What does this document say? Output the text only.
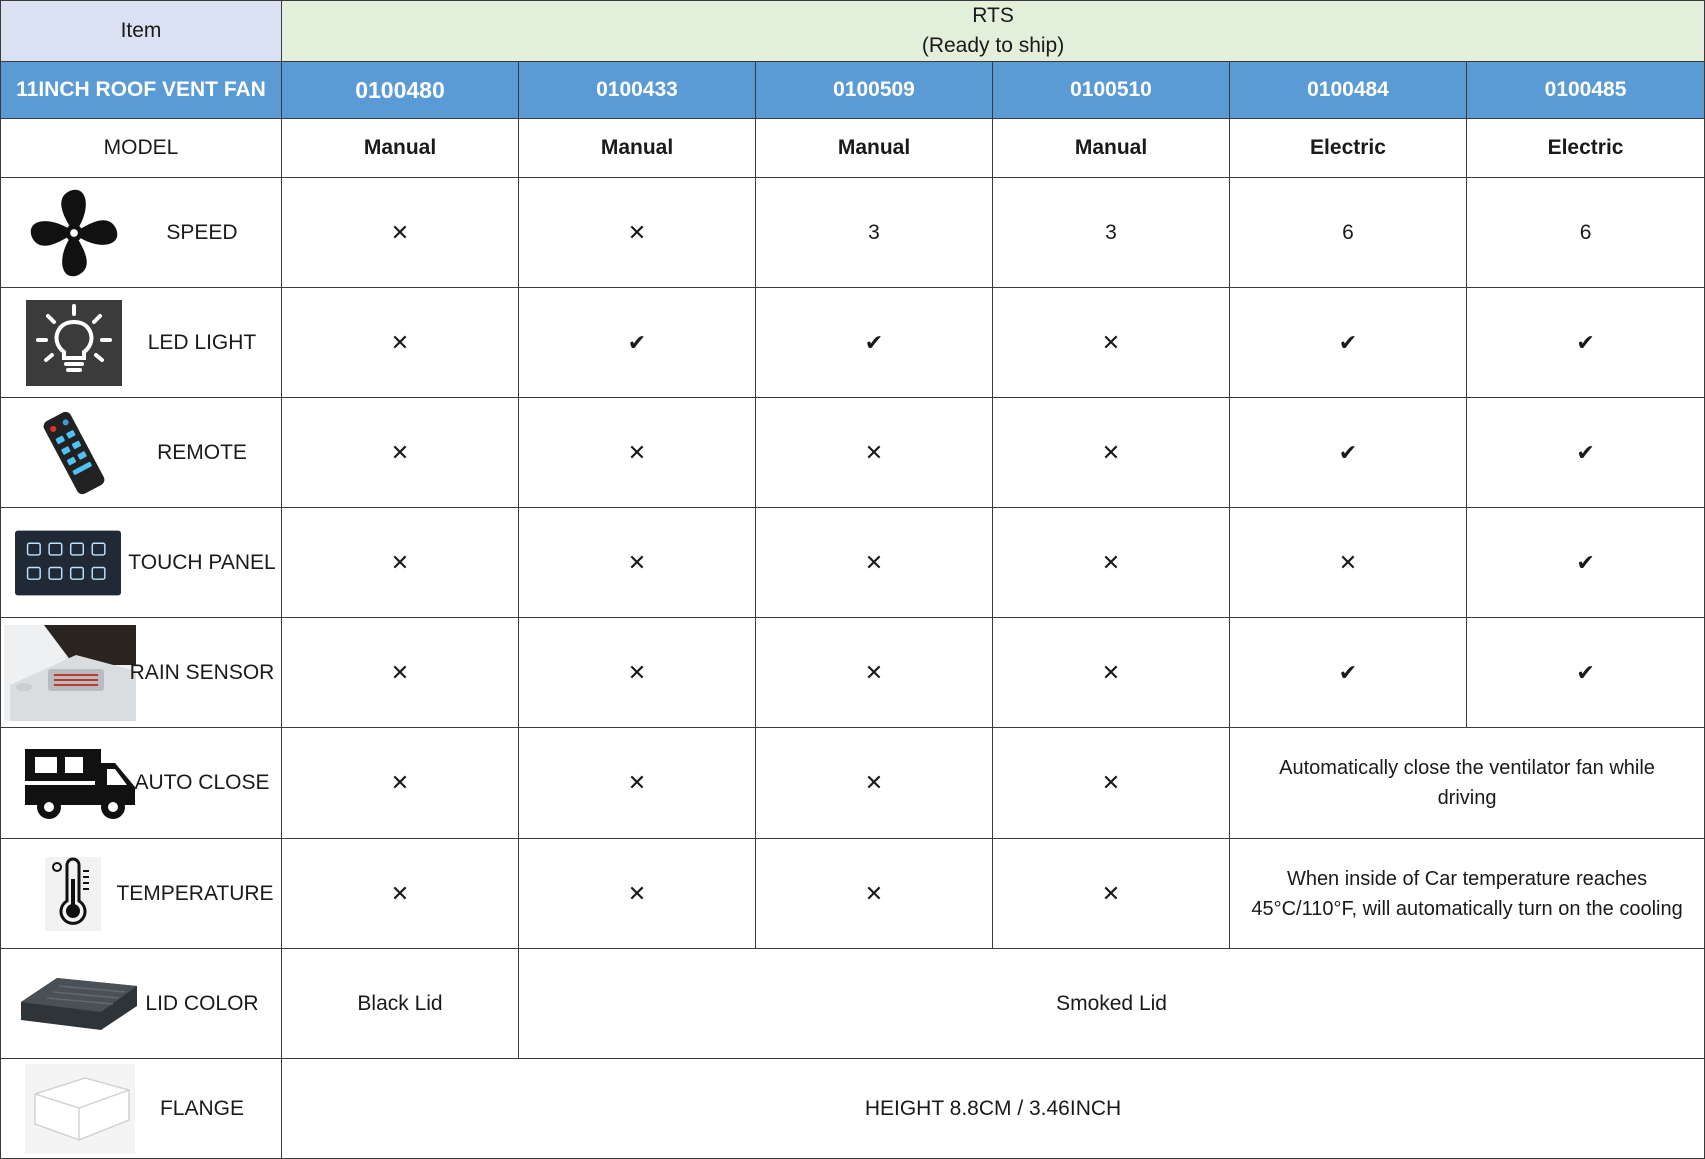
Item	RTS
(Ready to ship)					

11INCH ROOF VENT FAN	0100480	0100433	0100509	0100510	0100484	0100485
MODEL	Manual	Manual	Manual	Manual	Electric	Electric

SPEED	✕	✕	3	3	6	6

LED LIGHT	✕	✔	✔	✕	✔	✔

REMOTE	✕	✕	✕	✕	✔	✔

TOUCH PANEL	✕	✕	✕	✕	✕	✔

RAIN SENSOR	✕	✕	✕	✕	✔	✔

AUTO CLOSE	✕	✕	✕	✕	Automatically close the ventilator fan while driving	

TEMPERATURE	✕	✕	✕	✕	When inside of Car temperature reaches
45°C/110°F, will automatically turn on the cooling	

LID COLOR	Black Lid	Smoked Lid				

FLANGE	HEIGHT 8.8CM / 3.46INCH					
